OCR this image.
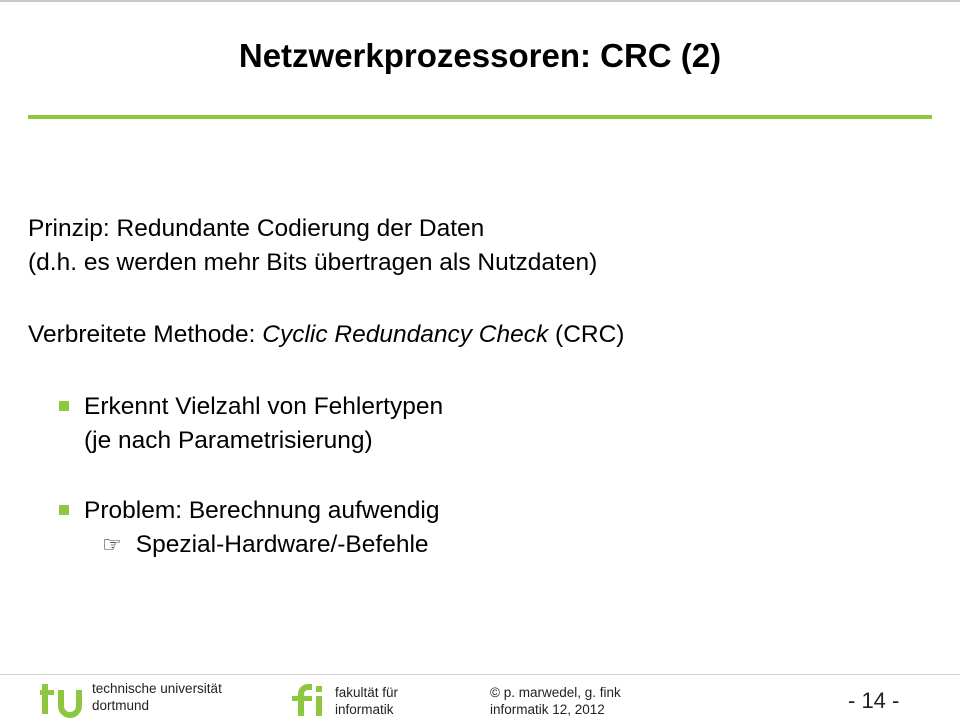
Netzwerkprozessoren: CRC (2)
Prinzip: Redundante Codierung der Daten
(d.h. es werden mehr Bits übertragen als Nutzdaten)
Verbreitete Methode: Cyclic Redundancy Check (CRC)
Erkennt Vielzahl von Fehlertypen
(je nach Parametrisierung)
Problem: Berechnung aufwendig
☞ Spezial-Hardware/-Befehle
technische universität
dortmund
fakultät für
informatik
© p. marwedel, g. fink
informatik 12, 2012	- 14 -
